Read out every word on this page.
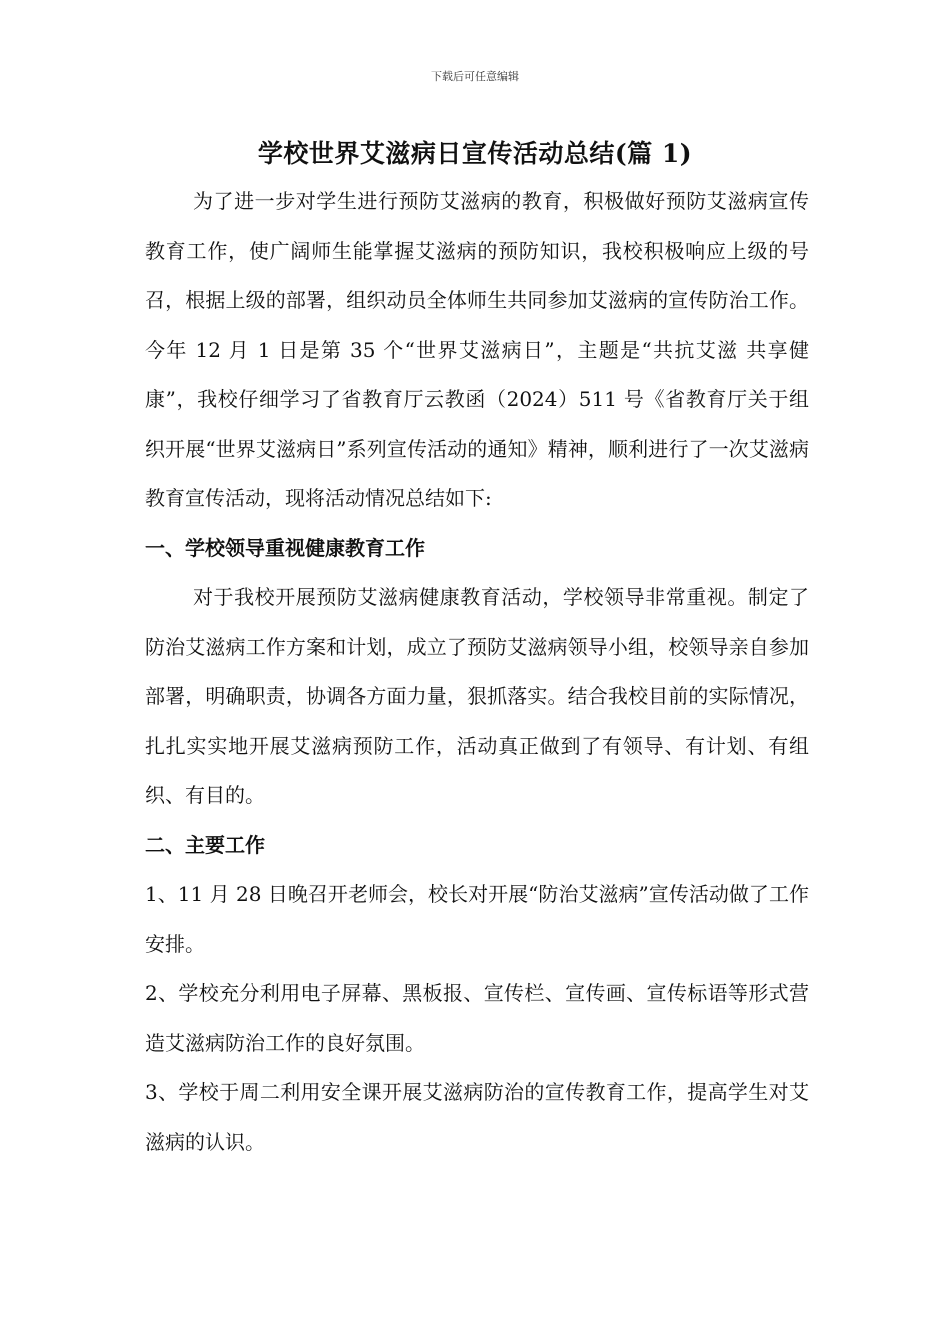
下载后可任意编辑
学校世界艾滋病日宣传活动总结(篇 1)

为了进一步对学生进行预防艾滋病的教育，积极做好预防艾滋病宣传教育工作，使广阔师生能掌握艾滋病的预防知识，我校积极响应上级的号召，根据上级的部署，组织动员全体师生共同参加艾滋病的宣传防治工作。今年 12 月 1 日是第 35 个“世界艾滋病日”，主题是“共抗艾滋 共享健康”，我校仔细学习了省教育厅云教函（2024）511 号《省教育厅关于组织开展“世界艾滋病日”系列宣传活动的通知》精神，顺利进行了一次艾滋病教育宣传活动，现将活动情况总结如下:

一、学校领导重视健康教育工作

对于我校开展预防艾滋病健康教育活动，学校领导非常重视。制定了防治艾滋病工作方案和计划，成立了预防艾滋病领导小组，校领导亲自参加部署，明确职责，协调各方面力量，狠抓落实。结合我校目前的实际情况，扎扎实实地开展艾滋病预防工作，活动真正做到了有领导、有计划、有组织、有目的。

二、主要工作

1、11 月 28 日晚召开老师会，校长对开展“防治艾滋病”宣传活动做了工作安排。

2、学校充分利用电子屏幕、黑板报、宣传栏、宣传画、宣传标语等形式营造艾滋病防治工作的良好氛围。

3、学校于周二利用安全课开展艾滋病防治的宣传教育工作，提高学生对艾滋病的认识。
